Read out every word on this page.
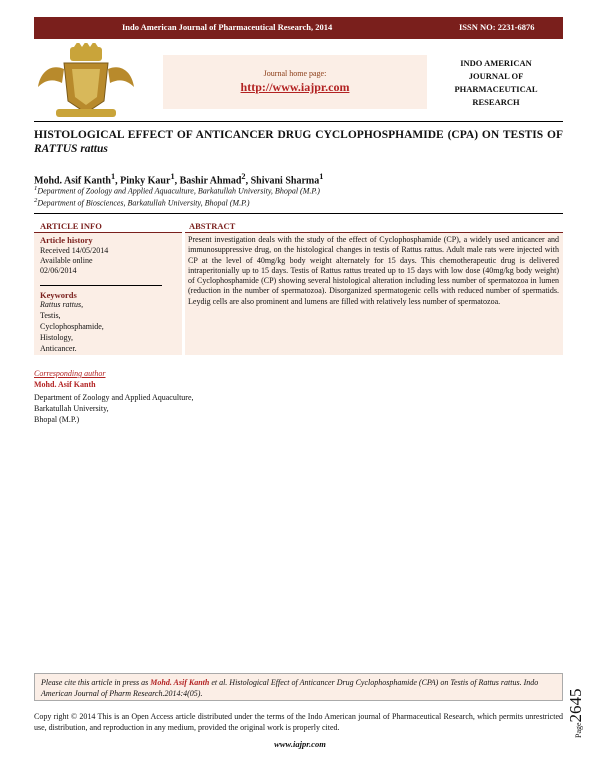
Indo American Journal of Pharmaceutical Research, 2014	ISSN NO: 2231-6876
Journal home page:
http://www.iajpr.com
INDO AMERICAN
JOURNAL OF
PHARMACEUTICAL
RESEARCH
HISTOLOGICAL EFFECT OF ANTICANCER DRUG CYCLOPHOSPHAMIDE (CPA) ON TESTIS OF RATTUS rattus
Mohd. Asif Kanth$^1$, Pinky Kaur$^1$, Bashir Ahmad$^2$, Shivani Sharma$^1$
$^1$Department of Zoology and Applied Aquaculture, Barkatullah University, Bhopal (M.P.)
$^2$Department of Biosciences, Barkatullah University, Bhopal (M.P.)
ARTICLE INFO	ABSTRACT
Article history
Received 14/05/2014
Available online
02/06/2014
Keywords
Rattus rattus,
Testis,
Cyclophosphamide,
Histology,
Anticancer.
Present investigation deals with the study of the effect of Cyclophosphamide (CP), a widely used anticancer and immunosuppressive drug, on the histological changes in testis of Rattus rattus. Adult male rats were injected with CP at the level of 40mg/kg body weight alternately for 15 days. This chemotherapeutic drug is delivered intraperitonially up to 15 days. Testis of Rattus rattus treated up to 15 days with low dose (40mg/kg body weight) of Cyclophosphamide (CP) showing several histological alteration including less number of spermatozoa in lumen (reduction in the number of spermatozoa). Disorganized spermatogenic cells with reduced number of spermatids. Leydig cells are also prominent and lumens are filled with relatively less number of spermatozoa.
Corresponding author
Mohd. Asif Kanth
Department of Zoology and Applied Aquaculture,
Barkatullah University,
Bhopal (M.P.)
Please cite this article in press as Mohd. Asif Kanth et al. Histological Effect of Anticancer Drug Cyclophosphamide (CPA) on Testis of Rattus rattus. Indo American Journal of Pharm Research.2014:4(05).
Copy right © 2014 This is an Open Access article distributed under the terms of the Indo American journal of Pharmaceutical Research, which permits unrestricted use, distribution, and reproduction in any medium, provided the original work is properly cited.
www.iajpr.com
Page2645
